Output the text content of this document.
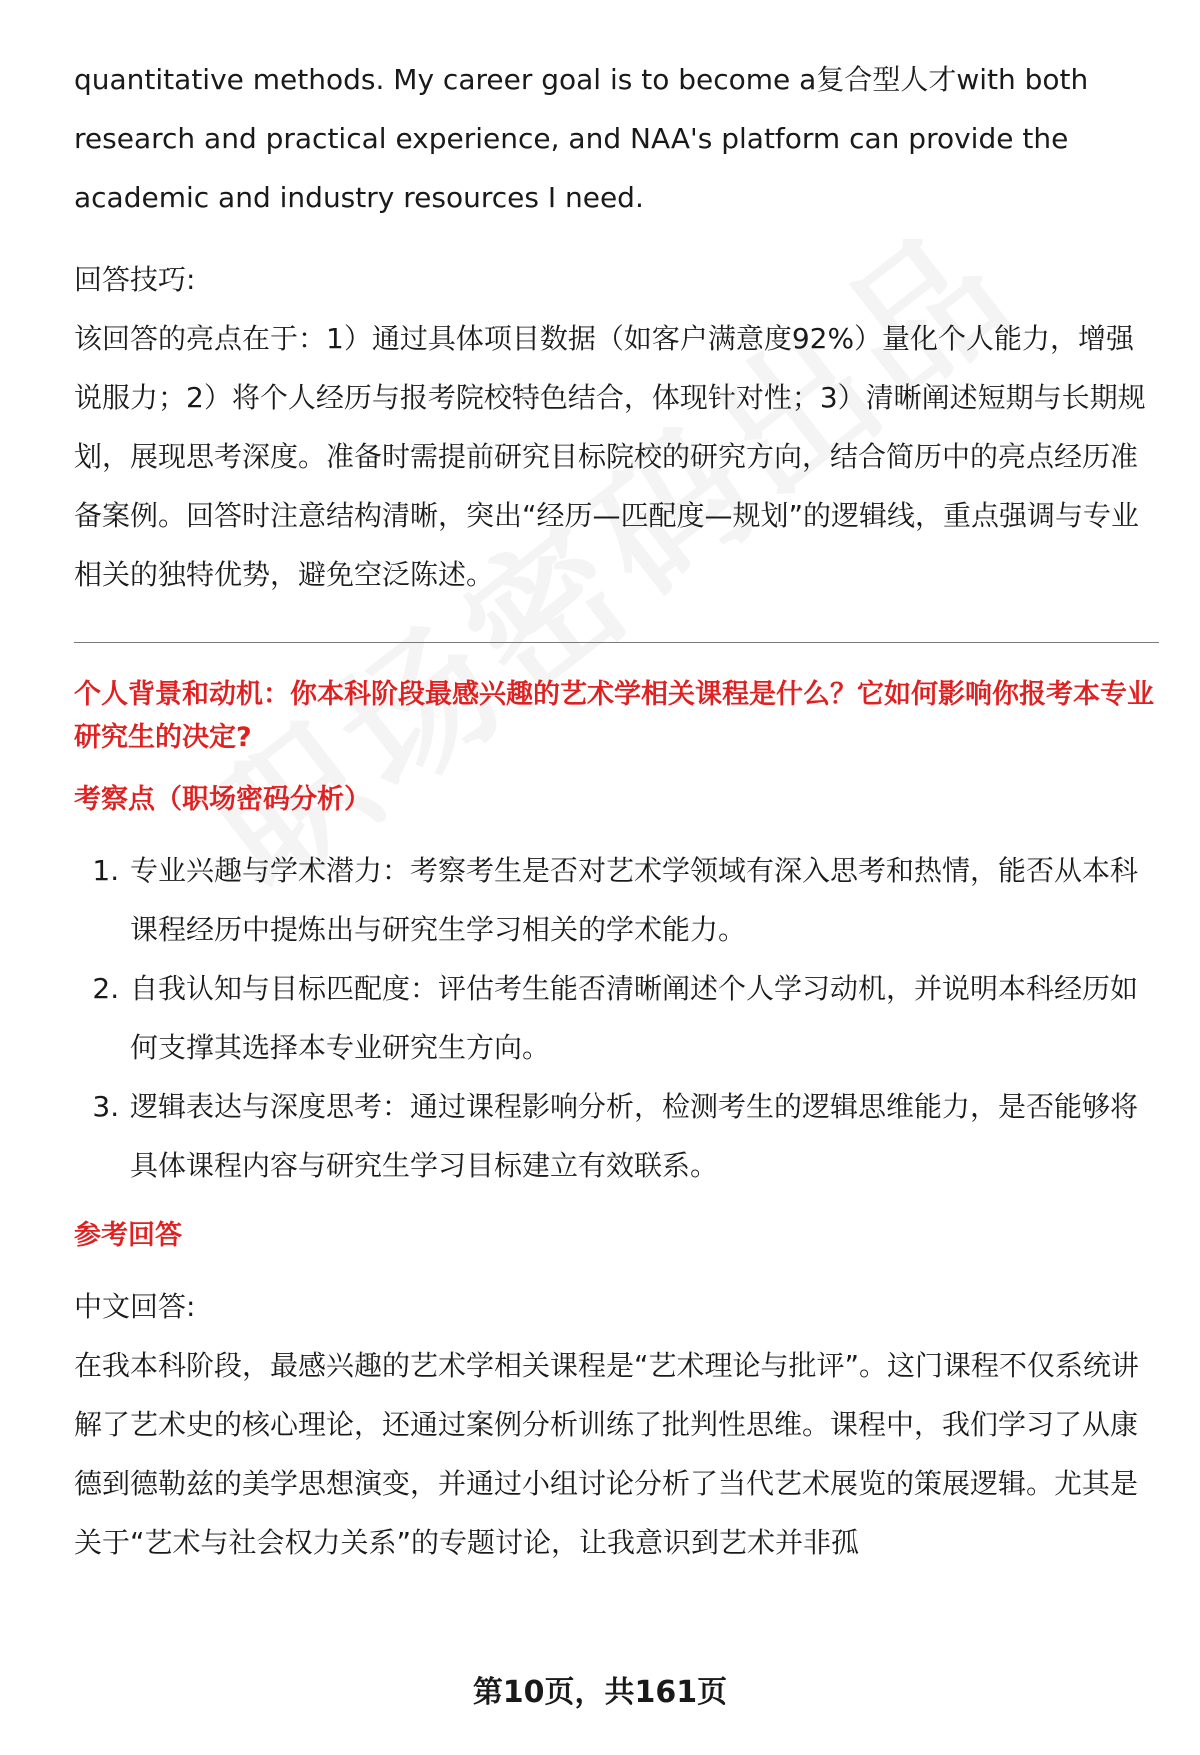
quantitative methods. My career goal is to become a复合型人才with both research and practical experience, and NAA's platform can provide the academic and industry resources I need.

回答技巧:

该回答的亮点在于：1）通过具体项目数据（如客户满意度92%）量化个人能力，增强说服力；2）将个人经历与报考院校特色结合，体现针对性；3）清晰阐述短期与长期规划，展现思考深度。准备时需提前研究目标院校的研究方向，结合简历中的亮点经历准备案例。回答时注意结构清晰，突出“经历—匹配度—规划”的逻辑线，重点强调与专业相关的独特优势，避免空泛陈述。

个人背景和动机：你本科阶段最感兴趣的艺术学相关课程是什么？它如何影响你报考本专业研究生的决定?

考察点（职场密码分析）

1. 专业兴趣与学术潜力：考察考生是否对艺术学领域有深入思考和热情，能否从本科课程经历中提炼出与研究生学习相关的学术能力。
2. 自我认知与目标匹配度：评估考生能否清晰阐述个人学习动机，并说明本科经历如何支撑其选择本专业研究生方向。
3. 逻辑表达与深度思考：通过课程影响分析，检测考生的逻辑思维能力，是否能够将具体课程内容与研究生学习目标建立有效联系。

参考回答

中文回答:

在我本科阶段，最感兴趣的艺术学相关课程是“艺术理论与批评”。这门课程不仅系统讲解了艺术史的核心理论，还通过案例分析训练了批判性思维。课程中，我们学习了从康德到德勒兹的美学思想演变，并通过小组讨论分析了当代艺术展览的策展逻辑。尤其是关于“艺术与社会权力关系”的专题讨论，让我意识到艺术并非孤

第10页，共161页
